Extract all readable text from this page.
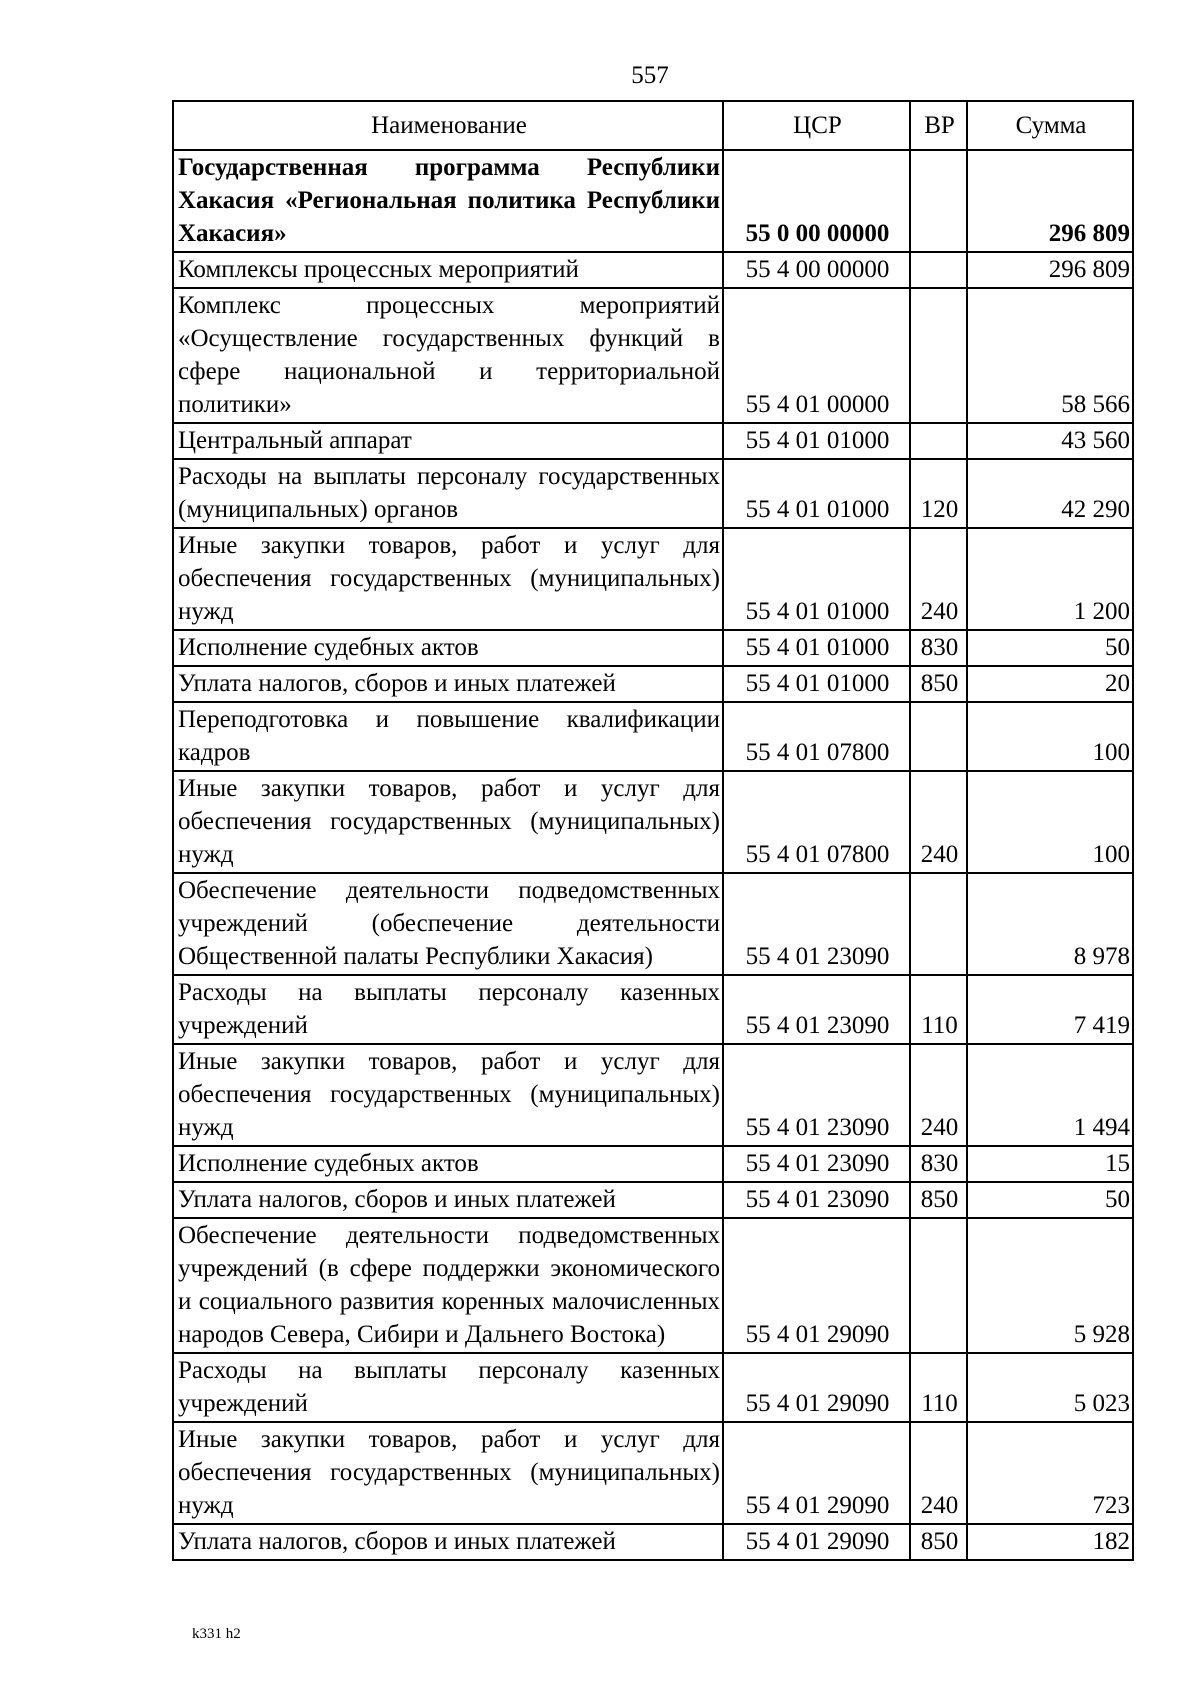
557
Наименование	ЦСР	ВР	Сумма
Государственная программа Республики Хакасия «Региональная политика Республики Хакасия»	55 0 00 00000		296 809
Комплексы процессных мероприятий	55 4 00 00000		296 809
Комплекс процессных мероприятий «Осуществление государственных функций в сфере национальной и территориальной политики»	55 4 01 00000		58 566
Центральный аппарат	55 4 01 01000		43 560
Расходы на выплаты персоналу государственных (муниципальных) органов	55 4 01 01000	120	42 290
Иные закупки товаров, работ и услуг для обеспечения государственных (муниципальных) нужд	55 4 01 01000	240	1 200
Исполнение судебных актов	55 4 01 01000	830	50
Уплата налогов, сборов и иных платежей	55 4 01 01000	850	20
Переподготовка и повышение квалификации кадров	55 4 01 07800		100
Иные закупки товаров, работ и услуг для обеспечения государственных (муниципальных) нужд	55 4 01 07800	240	100
Обеспечение деятельности подведомственных учреждений (обеспечение деятельности Общественной палаты Республики Хакасия)	55 4 01 23090		8 978
Расходы на выплаты персоналу казенных учреждений	55 4 01 23090	110	7 419
Иные закупки товаров, работ и услуг для обеспечения государственных (муниципальных) нужд	55 4 01 23090	240	1 494
Исполнение судебных актов	55 4 01 23090	830	15
Уплата налогов, сборов и иных платежей	55 4 01 23090	850	50
Обеспечение деятельности подведомственных учреждений (в сфере поддержки экономического и социального развития коренных малочисленных народов Севера, Сибири и Дальнего Востока)	55 4 01 29090		5 928
Расходы на выплаты персоналу казенных учреждений	55 4 01 29090	110	5 023
Иные закупки товаров, работ и услуг для обеспечения государственных (муниципальных) нужд	55 4 01 29090	240	723
Уплата налогов, сборов и иных платежей	55 4 01 29090	850	182
k331 h2
